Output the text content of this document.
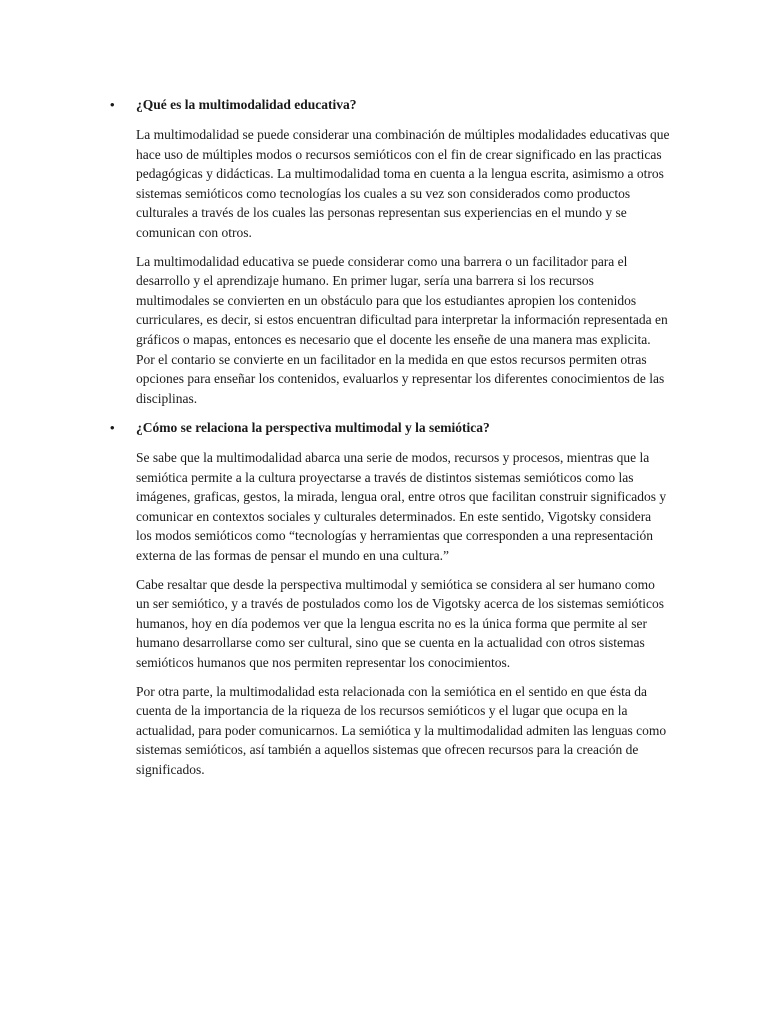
• ¿Qué es la multimodalidad educativa?

La multimodalidad se puede considerar una combinación de múltiples modalidades educativas que hace uso de múltiples modos o recursos semióticos con el fin de crear significado en las practicas pedagógicas y didácticas. La multimodalidad toma en cuenta a la lengua escrita, asimismo a otros sistemas semióticos como tecnologías los cuales a su vez son considerados como productos culturales a través de los cuales las personas representan sus experiencias en el mundo y se comunican con otros.

La multimodalidad educativa se puede considerar como una barrera o un facilitador para el desarrollo y el aprendizaje humano. En primer lugar, sería una barrera si los recursos multimodales se convierten en un obstáculo para que los estudiantes apropien los contenidos curriculares, es decir, si estos encuentran dificultad para interpretar la información representada en gráficos o mapas, entonces es necesario que el docente les enseñe de una manera mas explicita. Por el contario se convierte en un facilitador en la medida en que estos recursos permiten otras opciones para enseñar los contenidos, evaluarlos y representar los diferentes conocimientos de las disciplinas.

• ¿Cómo se relaciona la perspectiva multimodal y la semiótica?

Se sabe que la multimodalidad abarca una serie de modos, recursos y procesos, mientras que la semiótica permite a la cultura proyectarse a través de distintos sistemas semióticos como las imágenes, graficas, gestos, la mirada, lengua oral, entre otros que facilitan construir significados y comunicar en contextos sociales y culturales determinados. En este sentido, Vigotsky considera los modos semióticos como “tecnologías y herramientas que corresponden a una representación externa de las formas de pensar el mundo en una cultura.”

Cabe resaltar que desde la perspectiva multimodal y semiótica se considera al ser humano como un ser semiótico, y a través de postulados como los de Vigotsky acerca de los sistemas semióticos humanos, hoy en día podemos ver que la lengua escrita no es la única forma que permite al ser humano desarrollarse como ser cultural, sino que se cuenta en la actualidad con otros sistemas semióticos humanos que nos permiten representar los conocimientos.

Por otra parte, la multimodalidad esta relacionada con la semiótica en el sentido en que ésta da cuenta de la importancia de la riqueza de los recursos semióticos y el lugar que ocupa en la actualidad, para poder comunicarnos. La semiótica y la multimodalidad admiten las lenguas como sistemas semióticos, así también a aquellos sistemas que ofrecen recursos para la creación de significados.
